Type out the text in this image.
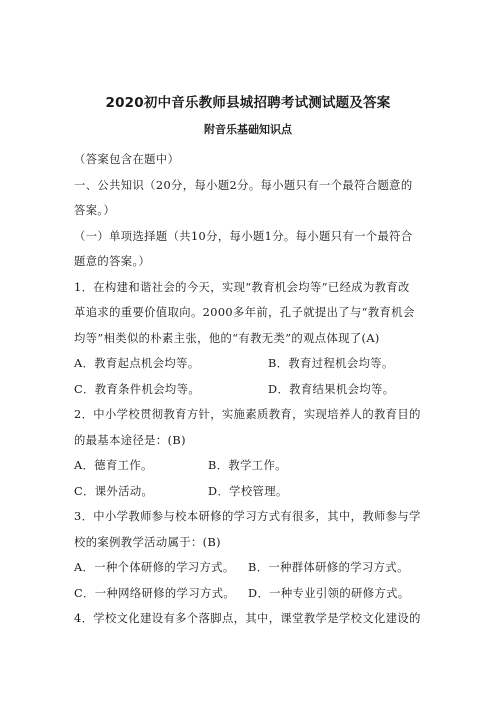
2020初中音乐教师县城招聘考试测试题及答案
附音乐基础知识点
（答案包含在题中）
一、公共知识（20分，每小题2分。每小题只有一个最符合题意的
答案。）
（一）单项选择题（共10分，每小题1分。每小题只有一个最符合
题意的答案。）
1．在构建和谐社会的今天，实现“教育机会均等”已经成为教育改
革追求的重要价值取向。2000多年前，孔子就提出了与“教育机会
均等”相类似的朴素主张，他的“有教无类”的观点体现了(A)
A．教育起点机会均等。	B．教育过程机会均等。
C．教育条件机会均等。	D．教育结果机会均等。
2．中小学校贯彻教育方针，实施素质教育，实现培养人的教育目的
的最基本途径是：(B)
A．德育工作。	B．教学工作。
C．课外活动。	D．学校管理。
3．中小学教师参与校本研修的学习方式有很多，其中，教师参与学
校的案例教学活动属于：(B)
A．一种个体研修的学习方式。 B．一种群体研修的学习方式。
C．一种网络研修的学习方式。 D．一种专业引领的研修方式。
4．学校文化建设有多个落脚点，其中，课堂教学是学校文化建设的
